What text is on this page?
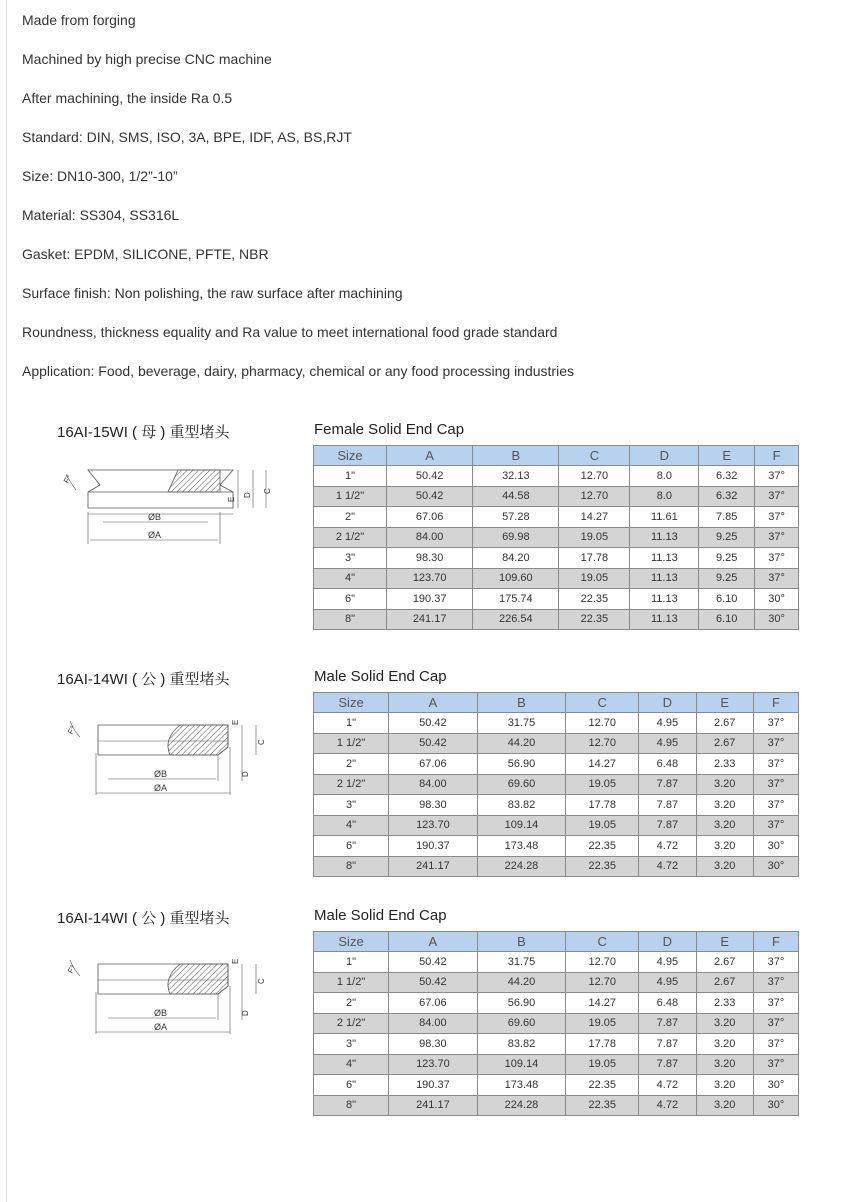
Made from forging
Machined by high precise CNC machine
After machining, the inside Ra 0.5
Standard: DIN, SMS, ISO, 3A, BPE, IDF, AS, BS,RJT
Size: DN10-300, 1/2”-10”
Material: SS304, SS316L
Gasket: EPDM, SILICONE, PFTE, NBR
Surface finish: Non polishing, the raw surface after machining
Roundness, thickness equality and Ra value to meet international food grade standard
Application: Food, beverage, dairy, pharmacy, chemical or any food processing industries
16AI-15WI ( 母 ) 重型堵头	Female Solid End Cap
F°
ØB
ØA
E
D
C
Size	A	B	C	D	E	F
1"	50.42	32.13	12.70	8.0	6.32	37°
1 1/2"	50.42	44.58	12.70	8.0	6.32	37°
2"	67.06	57.28	14.27	11.61	7.85	37°
2 1/2"	84.00	69.98	19.05	11.13	9.25	37°
3"	98.30	84.20	17.78	11.13	9.25	37°
4"	123.70	109.60	19.05	11.13	9.25	37°
6"	190.37	175.74	22.35	11.13	6.10	30°
8"	241.17	226.54	22.35	11.13	6.10	30°
16AI-14WI ( 公 ) 重型堵头	Male Solid End Cap
F°
ØB
ØA
E
D
C
Size	A	B	C	D	E	F
1"	50.42	31.75	12.70	4.95	2.67	37°
1 1/2"	50.42	44.20	12.70	4.95	2.67	37°
2"	67.06	56.90	14.27	6.48	2.33	37°
2 1/2"	84.00	69.60	19.05	7.87	3.20	37°
3"	98.30	83.82	17.78	7.87	3.20	37°
4"	123.70	109.14	19.05	7.87	3.20	37°
6"	190.37	173.48	22.35	4.72	3.20	30°
8"	241.17	224.28	22.35	4.72	3.20	30°
16AI-14WI ( 公 ) 重型堵头	Male Solid End Cap
F°
ØB
ØA
E
D
C
Size	A	B	C	D	E	F
1"	50.42	31.75	12.70	4.95	2.67	37°
1 1/2"	50.42	44.20	12.70	4.95	2.67	37°
2"	67.06	56.90	14.27	6.48	2.33	37°
2 1/2"	84.00	69.60	19.05	7.87	3.20	37°
3"	98.30	83.82	17.78	7.87	3.20	37°
4"	123.70	109.14	19.05	7.87	3.20	37°
6"	190.37	173.48	22.35	4.72	3.20	30°
8"	241.17	224.28	22.35	4.72	3.20	30°
